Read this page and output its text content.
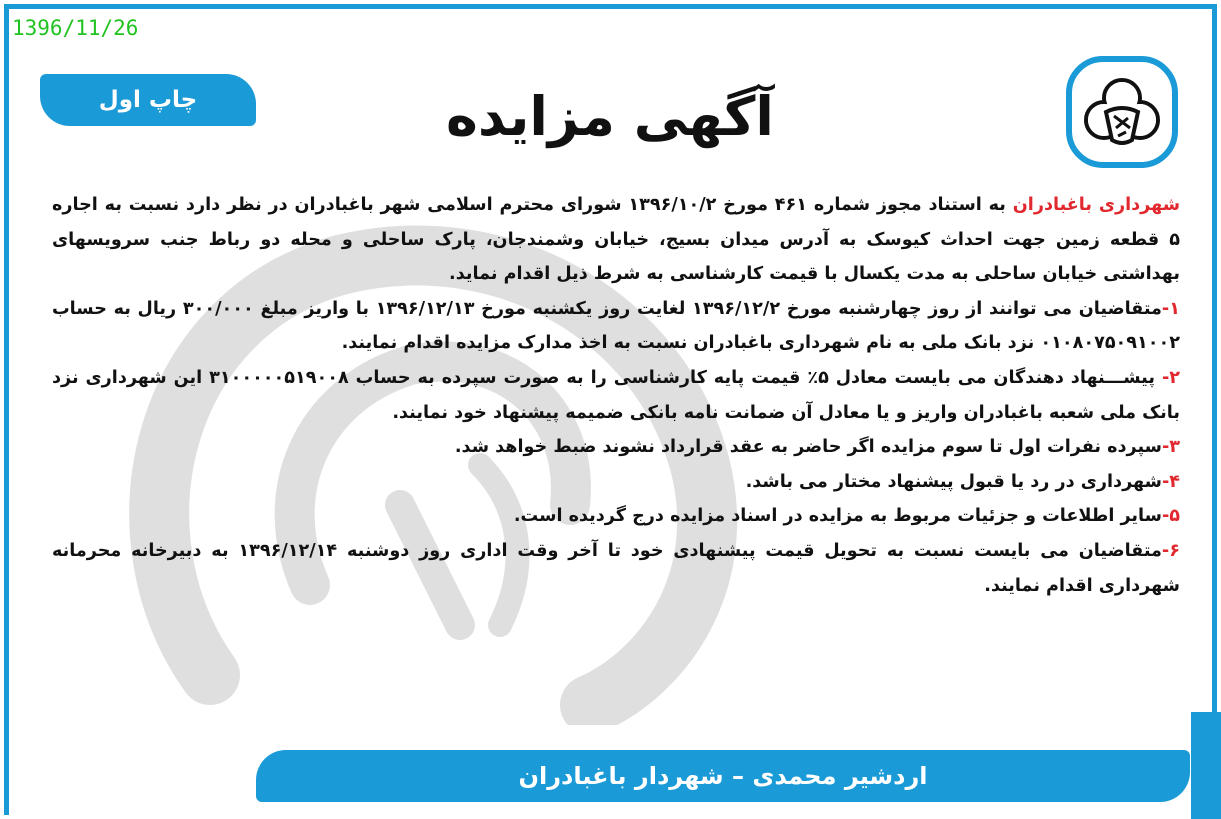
1396/11/26
چاپ اول	آگهی مزایده

شهرداری باغبادران به استناد مجوز شماره ۴۶۱ مورخ ۱۳۹۶/۱۰/۲ شورای محترم اسلامی شهر باغبادران در نظر دارد نسبت به اجاره ۵ قطعه زمین جهت احداث کیوسک به آدرس میدان بسیج، خیابان وشمندجان، پارک ساحلی و محله دو رباط جنب سرویسهای بهداشتی خیابان ساحلی به مدت یکسال با قیمت کارشناسی به شرط ذیل اقدام نماید.

۱-متقاضیان می توانند از روز چهارشنبه مورخ ۱۳۹۶/۱۲/۲ لغایت روز یکشنبه مورخ ۱۳۹۶/۱۲/۱۳ با واریز مبلغ ۳۰۰/۰۰۰ ریال به حساب ۰۱۰۸۰۷۵۰۹۱۰۰۲ نزد بانک ملی به نام شهرداری باغبادران نسبت به اخذ مدارک مزایده اقدام نمایند.

۲- پیشـــنهاد دهندگان می بایست معادل ۵٪ قیمت پایه کارشناسی را به صورت سپرده به حساب ۳۱۰۰۰۰۰۵۱۹۰۰۸ این شهرداری نزد بانک ملی شعبه باغبادران واریز و یا معادل آن ضمانت نامه بانکی ضمیمه پیشنهاد خود نمایند.

۳-سپرده نفرات اول تا سوم مزایده اگر حاضر به عقد قرارداد نشوند ضبط خواهد شد.

۴-شهرداری در رد یا قبول پیشنهاد مختار می باشد.

۵-سایر اطلاعات و جزئیات مربوط به مزایده در اسناد مزایده درج گردیده است.

۶-متقاضیان می بایست نسبت به تحویل قیمت پیشنهادی خود تا آخر وقت اداری روز دوشنبه ۱۳۹۶/۱۲/۱۴ به دبیرخانه محرمانه شهرداری اقدام نمایند.

اردشیر محمدی – شهردار باغبادران
